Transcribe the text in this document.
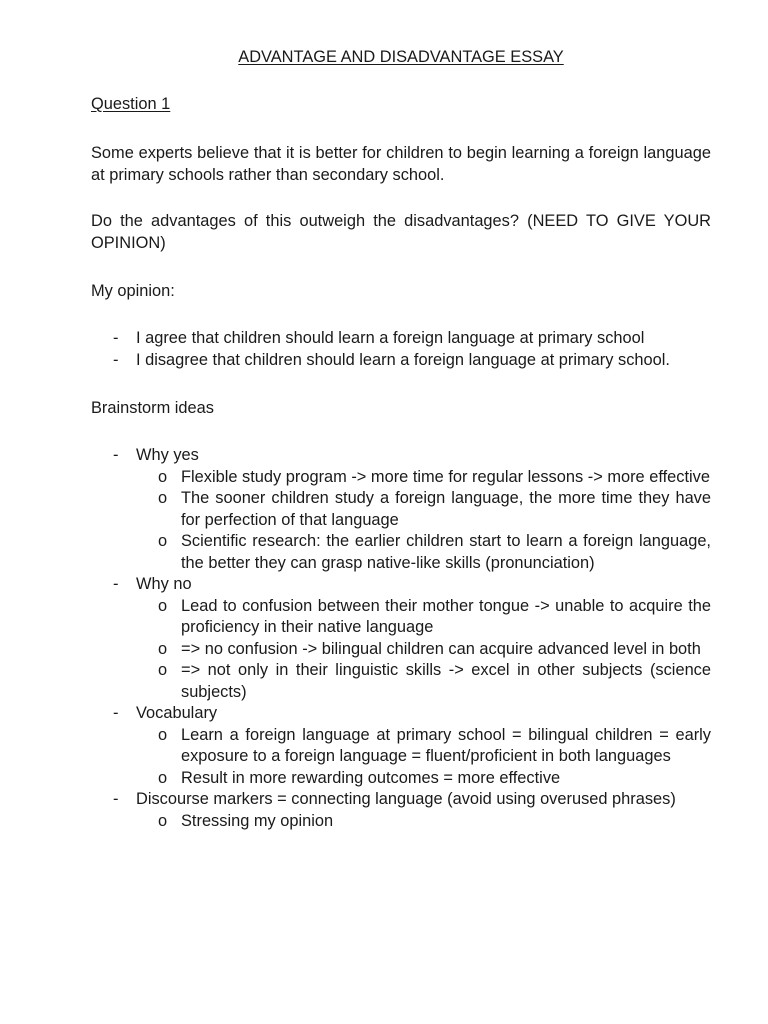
ADVANTAGE AND DISADVANTAGE ESSAY

Question 1

Some experts believe that it is better for children to begin learning a foreign language at primary schools rather than secondary school.

Do the advantages of this outweigh the disadvantages? (NEED TO GIVE YOUR OPINION)

My opinion:

- I agree that children should learn a foreign language at primary school
- I disagree that children should learn a foreign language at primary school.

Brainstorm ideas

- Why yes
o Flexible study program -> more time for regular lessons -> more effective
o The sooner children study a foreign language, the more time they have for perfection of that language
o Scientific research: the earlier children start to learn a foreign language, the better they can grasp native-like skills (pronunciation)
- Why no
o Lead to confusion between their mother tongue -> unable to acquire the proficiency in their native language
o => no confusion -> bilingual children can acquire advanced level in both
o => not only in their linguistic skills -> excel in other subjects (science subjects)
- Vocabulary
o Learn a foreign language at primary school = bilingual children = early exposure to a foreign language = fluent/proficient in both languages
o Result in more rewarding outcomes = more effective
- Discourse markers = connecting language (avoid using overused phrases)
o Stressing my opinion
